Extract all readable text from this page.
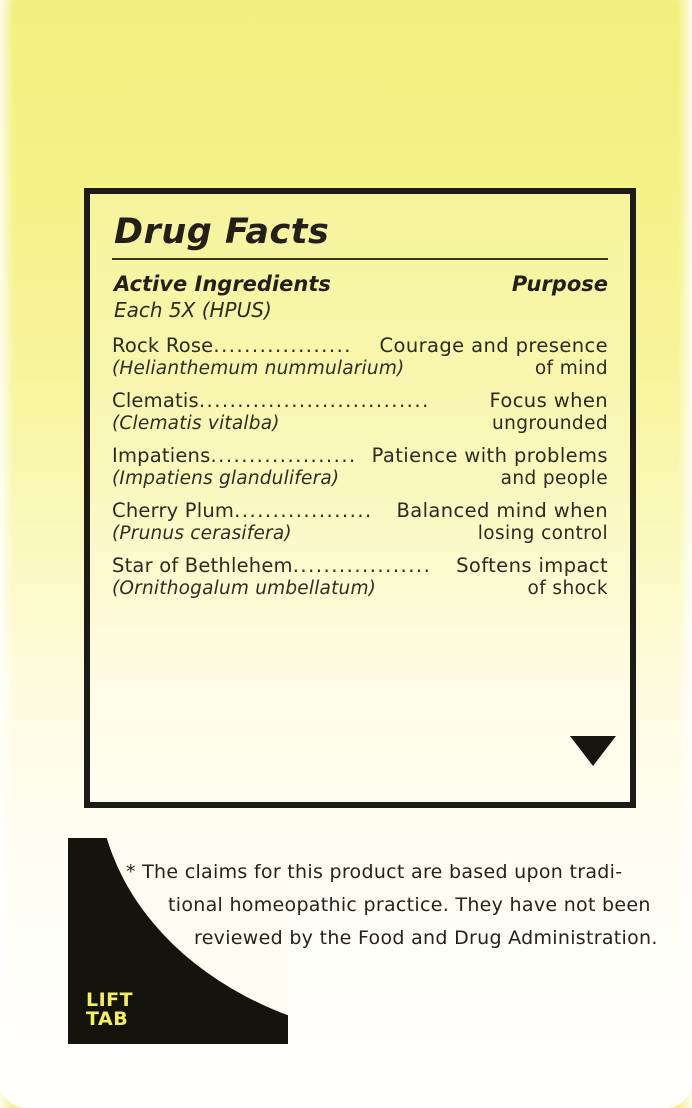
Drug Facts
Active Ingredients	Purpose
Each 5X (HPUS)
Rock Rose ..................	Courage and presence
(Helianthemum nummularium)	of mind
Clematis ..............................	Focus when
(Clematis vitalba)	ungrounded
Impatiens ................... Patience with problems
(Impatiens glandulifera)	and people
Cherry Plum ..................	Balanced mind when
(Prunus cerasifera)	losing control
Star of Bethlehem ..................	Softens impact
(Ornithogalum umbellatum)	of shock
LIFT
TAB
* The claims for this product are based upon tradi-
tional homeopathic practice. They have not been
reviewed by the Food and Drug Administration.
